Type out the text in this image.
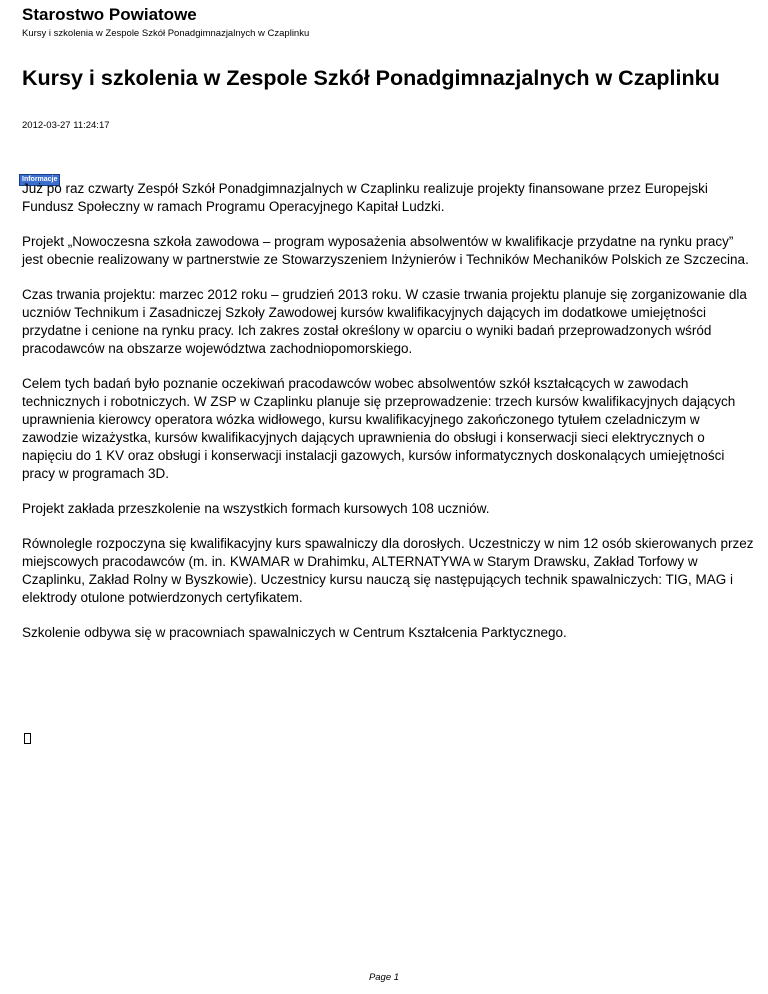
Starostwo Powiatowe
Kursy i szkolenia w Zespole Szkół Ponadgimnazjalnych w Czaplinku
Kursy i szkolenia w Zespole Szkół Ponadgimnazjalnych w Czaplinku
2012-03-27 11:24:17
Informacje

Już po raz czwarty Zespół Szkół Ponadgimnazjalnych w Czaplinku realizuje projekty finansowane przez Europejski Fundusz Społeczny w ramach Programu Operacyjnego Kapitał Ludzki.

Projekt „Nowoczesna szkoła zawodowa – program wyposażenia absolwentów w kwalifikacje przydatne na rynku pracy” jest obecnie realizowany w partnerstwie ze Stowarzyszeniem Inżynierów i Techników Mechaników Polskich ze Szczecina.

Czas trwania projektu: marzec 2012 roku – grudzień 2013 roku. W czasie trwania projektu planuje się zorganizowanie dla uczniów Technikum i Zasadniczej Szkoły Zawodowej kursów kwalifikacyjnych dających im dodatkowe umiejętności przydatne i cenione na rynku pracy. Ich zakres został określony w oparciu o wyniki badań przeprowadzonych wśród pracodawców na obszarze województwa zachodniopomorskiego.

Celem tych badań było poznanie oczekiwań pracodawców wobec absolwentów szkół kształcących w zawodach technicznych i robotniczych. W ZSP w Czaplinku planuje się przeprowadzenie: trzech kursów kwalifikacyjnych dających uprawnienia kierowcy operatora wózka widłowego, kursu kwalifikacyjnego zakończonego tytułem czeladniczym w zawodzie wizażystka, kursów kwalifikacyjnych dających uprawnienia do obsługi i konserwacji sieci elektrycznych o napięciu do 1 KV oraz obsługi i konserwacji instalacji gazowych, kursów informatycznych doskonalących umiejętności pracy w programach 3D.

Projekt zakłada przeszkolenie na wszystkich formach kursowych 108 uczniów.

Równolegle rozpoczyna się kwalifikacyjny kurs spawalniczy dla dorosłych. Uczestniczy w nim 12 osób skierowanych przez miejscowych pracodawców (m. in. KWAMAR w Drahimku, ALTERNATYWA w Starym Drawsku, Zakład Torfowy w Czaplinku, Zakład Rolny w Byszkowie). Uczestnicy kursu nauczą się następujących technik spawalniczych: TIG, MAG i elektrody otulone potwierdzonych certyfikatem.

Szkolenie odbywa się w pracowniach spawalniczych w Centrum Kształcenia Parktycznego.

Page 1
